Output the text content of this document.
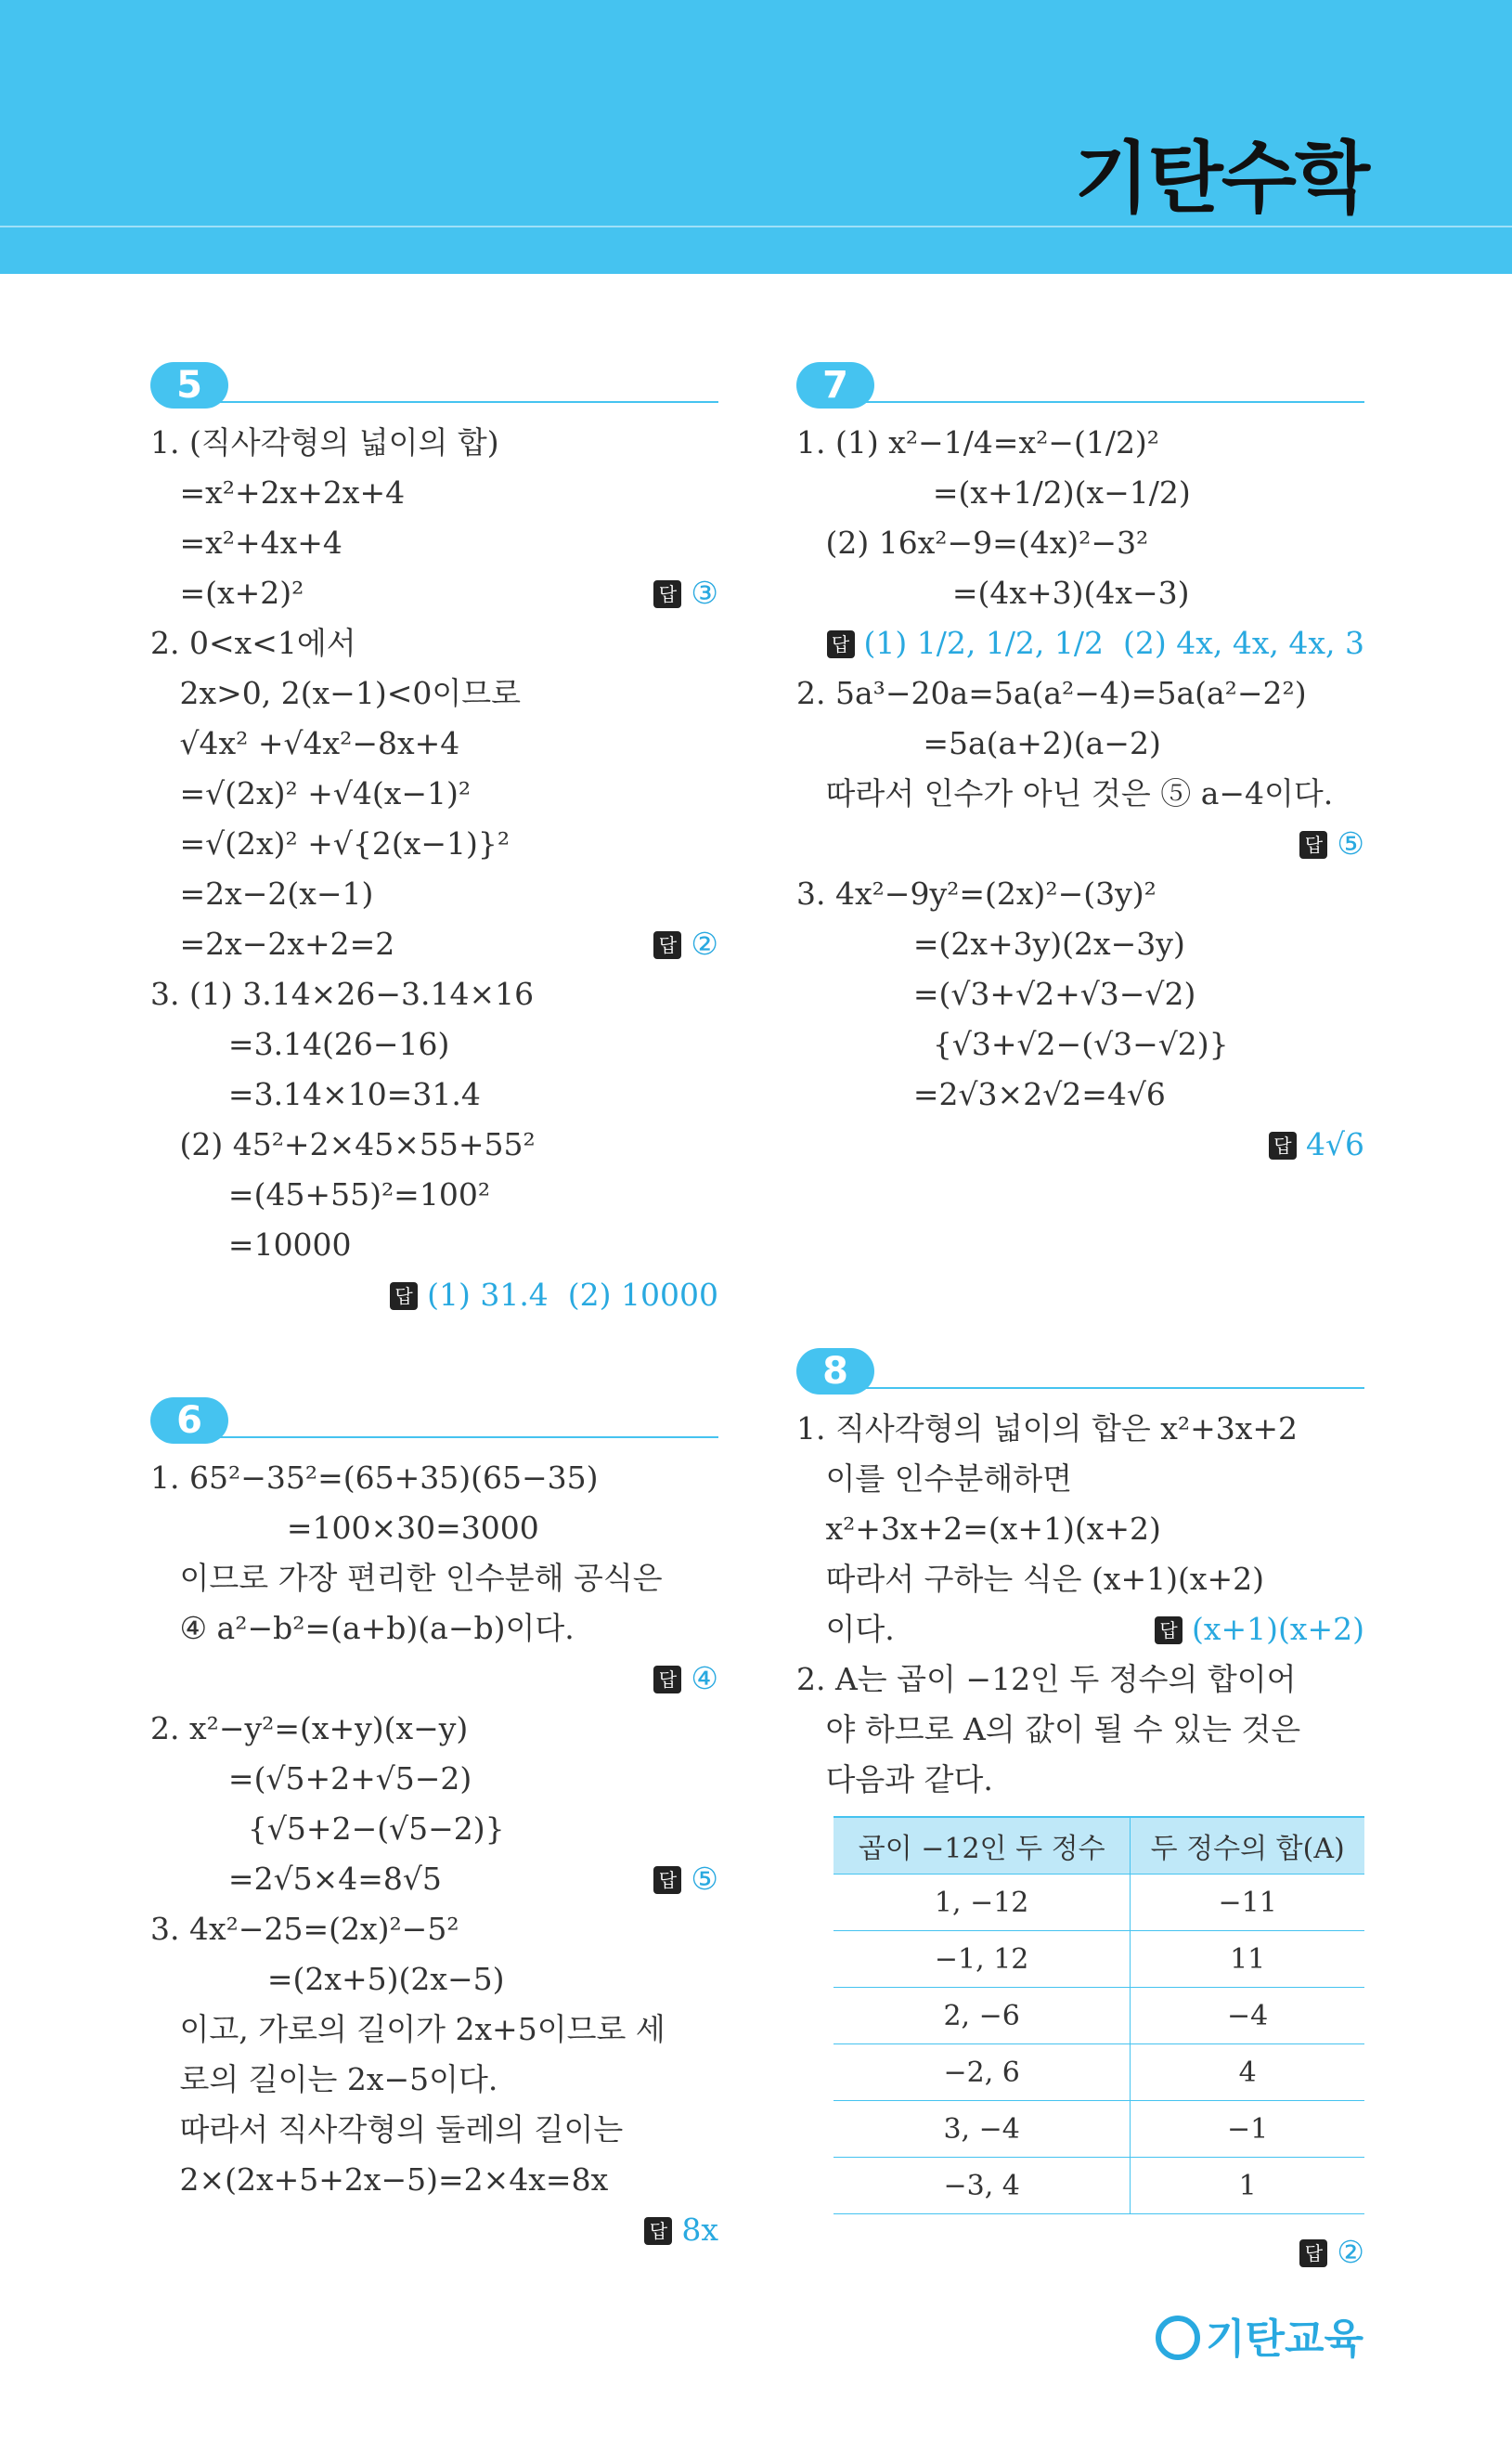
기탄수학
5
1. (직사각형의 넓이의 합)
=x²+2x+2x+4
=x²+4x+4
=(x+2)²	답 ③
2. 0<x<1에서
2x>0, 2(x−1)<0이므로
√4x² +√4x²−8x+4
=√(2x)² +√4(x−1)²
=√(2x)² +√{2(x−1)}²
=2x−2(x−1)
=2x−2x+2=2	답 ②
3. (1) 3.14×26−3.14×16
=3.14(26−16)
=3.14×10=31.4
(2) 45²+2×45×55+55²
=(45+55)²=100²
=10000
답 (1) 31.4  (2) 10000
6
1. 65²−35²=(65+35)(65−35)
=100×30=3000
이므로 가장 편리한 인수분해 공식은
④ a²−b²=(a+b)(a−b)이다.
답 ④
2. x²−y²=(x+y)(x−y)
=(√5+2+√5−2)
{√5+2−(√5−2)}
=2√5×4=8√5	답 ⑤
3. 4x²−25=(2x)²−5²
=(2x+5)(2x−5)
이고, 가로의 길이가 2x+5이므로 세
로의 길이는 2x−5이다.
따라서 직사각형의 둘레의 길이는
2×(2x+5+2x−5)=2×4x=8x
답 8x
7
1. (1) x²−1/4=x²−(1/2)²
=(x+1/2)(x−1/2)
(2) 16x²−9=(4x)²−3²
=(4x+3)(4x−3)
답 (1) 1/2, 1/2, 1/2  (2) 4x, 4x, 4x, 3
2. 5a³−20a=5a(a²−4)=5a(a²−2²)
=5a(a+2)(a−2)
따라서 인수가 아닌 것은 ⑤ a−4이다.
답 ⑤
3. 4x²−9y²=(2x)²−(3y)²
=(2x+3y)(2x−3y)
=(√3+√2+√3−√2)
{√3+√2−(√3−√2)}
=2√3×2√2=4√6
답 4√6
8
1. 직사각형의 넓이의 합은 x²+3x+2
이를 인수분해하면
x²+3x+2=(x+1)(x+2)
따라서 구하는 식은 (x+1)(x+2)
이다.	답 (x+1)(x+2)
2. A는 곱이 −12인 두 정수의 합이어
야 하므로 A의 값이 될 수 있는 것은
다음과 같다.
곱이 −12인 두 정수	두 정수의 합(A)
1, −12	−11
−1, 12	11
2, −6	−4
−2, 6	4
3, −4	−1
−3, 4	1
답 ②
기탄교육
